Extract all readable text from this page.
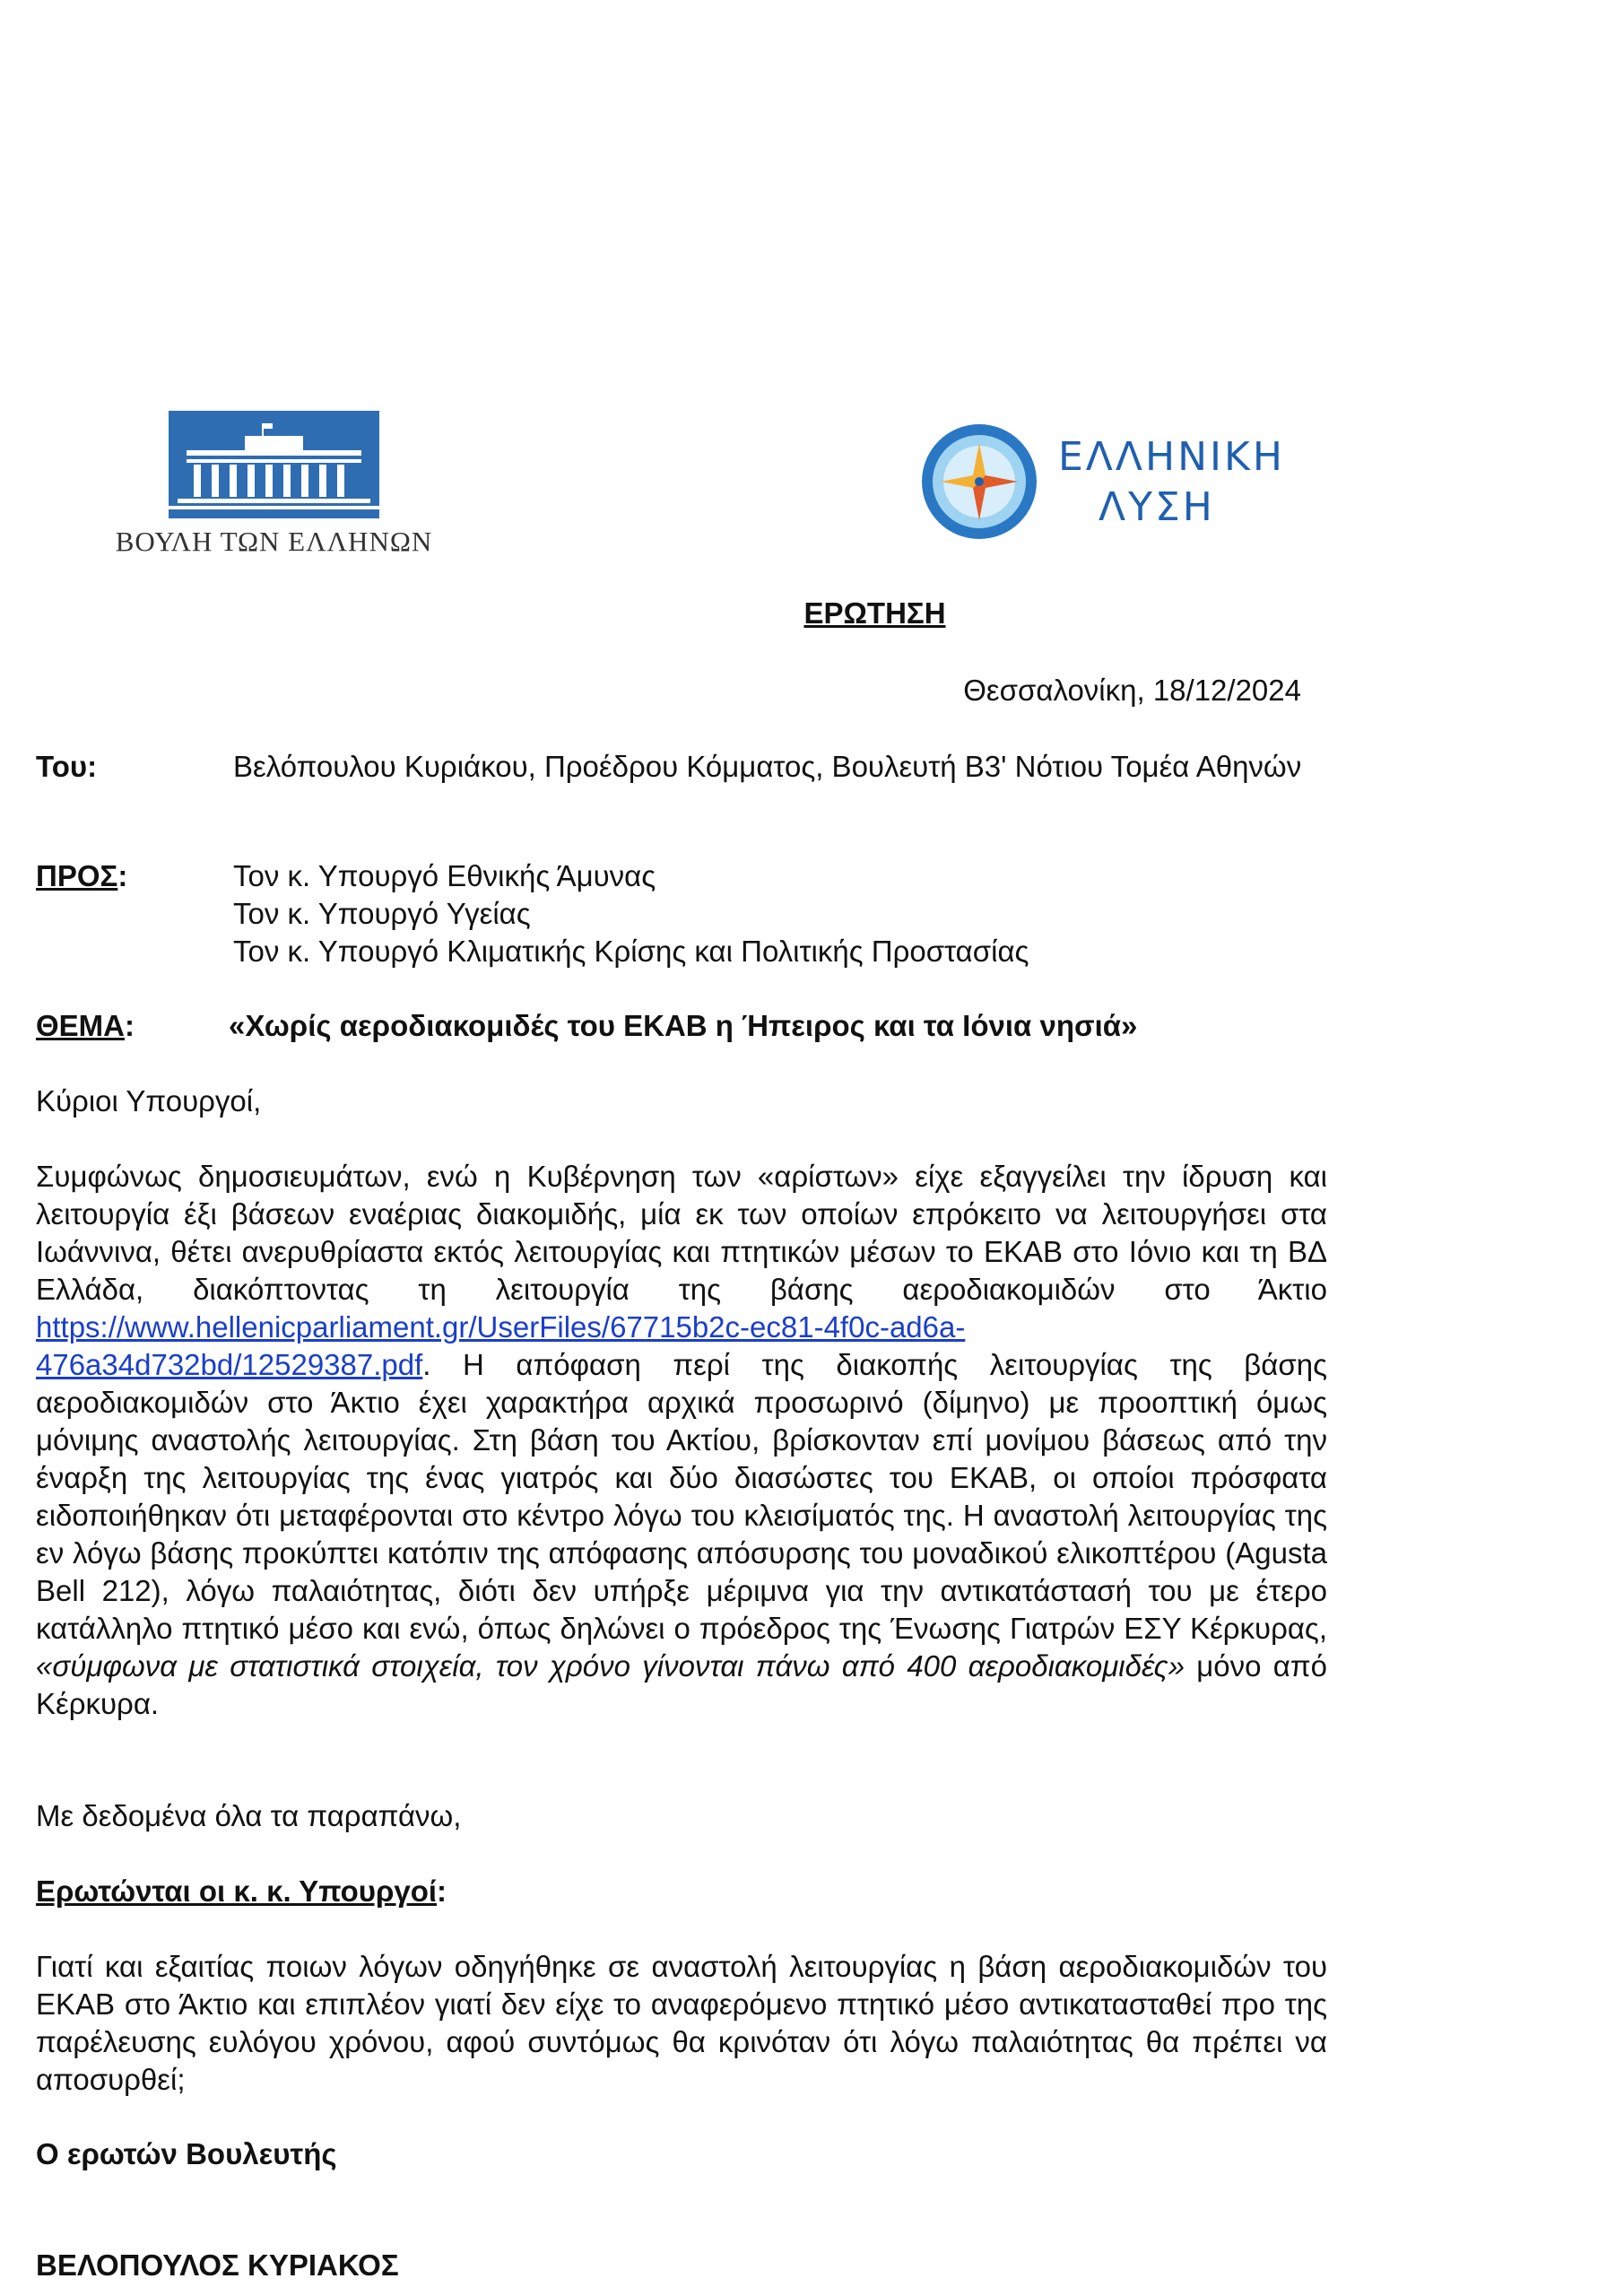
ΒΟΥΛΗ ΤΩΝ ΕΛΛΗΝΩΝ
ΕΛΛΗΝΙΚΗ
ΛΥΣΗ
ΕΡΩΤΗΣΗ
Θεσσαλονίκη, 18/12/2024
Του:	Βελόπουλου Κυριάκου, Προέδρου Κόμματος, Βουλευτή Β3' Νότιου Τομέα Αθηνών
ΠΡΟΣ:	Τον κ. Υπουργό Εθνικής Άμυνας
Τον κ. Υπουργό Υγείας
Τον κ. Υπουργό Κλιματικής Κρίσης και Πολιτικής Προστασίας
ΘΕΜΑ:	«Χωρίς αεροδιακομιδές του ΕΚΑΒ η Ήπειρος και τα Ιόνια νησιά»
Κύριοι Υπουργοί,
Συμφώνως δημοσιευμάτων, ενώ η Κυβέρνηση των «αρίστων» είχε εξαγγείλει την ίδρυση και λειτουργία έξι βάσεων εναέριας διακομιδής, μία εκ των οποίων επρόκειτο να λειτουργήσει στα Ιωάννινα, θέτει ανερυθρίαστα εκτός λειτουργίας και πτητικών μέσων το ΕΚΑΒ στο Ιόνιο και τη ΒΔ Ελλάδα, διακόπτοντας τη λειτουργία της βάσης αεροδιακομιδών στο Άκτιο https://www.hellenicparliament.gr/UserFiles/67715b2c-ec81-4f0c-ad6a-476a34d732bd/12529387.pdf. Η απόφαση περί της διακοπής λειτουργίας της βάσης αεροδιακομιδών στο Άκτιο έχει χαρακτήρα αρχικά προσωρινό (δίμηνο) με προοπτική όμως μόνιμης αναστολής λειτουργίας. Στη βάση του Ακτίου, βρίσκονταν επί μονίμου βάσεως από την έναρξη της λειτουργίας της ένας γιατρός και δύο διασώστες του ΕΚΑΒ, οι οποίοι πρόσφατα ειδοποιήθηκαν ότι μεταφέρονται στο κέντρο λόγω του κλεισίματός της. Η αναστολή λειτουργίας της εν λόγω βάσης προκύπτει κατόπιν της απόφασης απόσυρσης του μοναδικού ελικοπτέρου (Agusta Bell 212), λόγω παλαιότητας, διότι δεν υπήρξε μέριμνα για την αντικατάστασή του με έτερο κατάλληλο πτητικό μέσο και ενώ, όπως δηλώνει ο πρόεδρος της Ένωσης Γιατρών ΕΣΥ Κέρκυρας, «σύμφωνα με στατιστικά στοιχεία, τον χρόνο γίνονται πάνω από 400 αεροδιακομιδές» μόνο από Κέρκυρα.
Με δεδομένα όλα τα παραπάνω,
Ερωτώνται οι κ. κ. Υπουργοί:
Γιατί και εξαιτίας ποιων λόγων οδηγήθηκε σε αναστολή λειτουργίας η βάση αεροδιακομιδών του ΕΚΑΒ στο Άκτιο και επιπλέον γιατί δεν είχε το αναφερόμενο πτητικό μέσο αντικατασταθεί προ της παρέλευσης ευλόγου χρόνου, αφού συντόμως θα κρινόταν ότι λόγω παλαιότητας θα πρέπει να αποσυρθεί;
Ο ερωτών Βουλευτής
ΒΕΛΟΠΟΥΛΟΣ ΚΥΡΙΑΚΟΣ
